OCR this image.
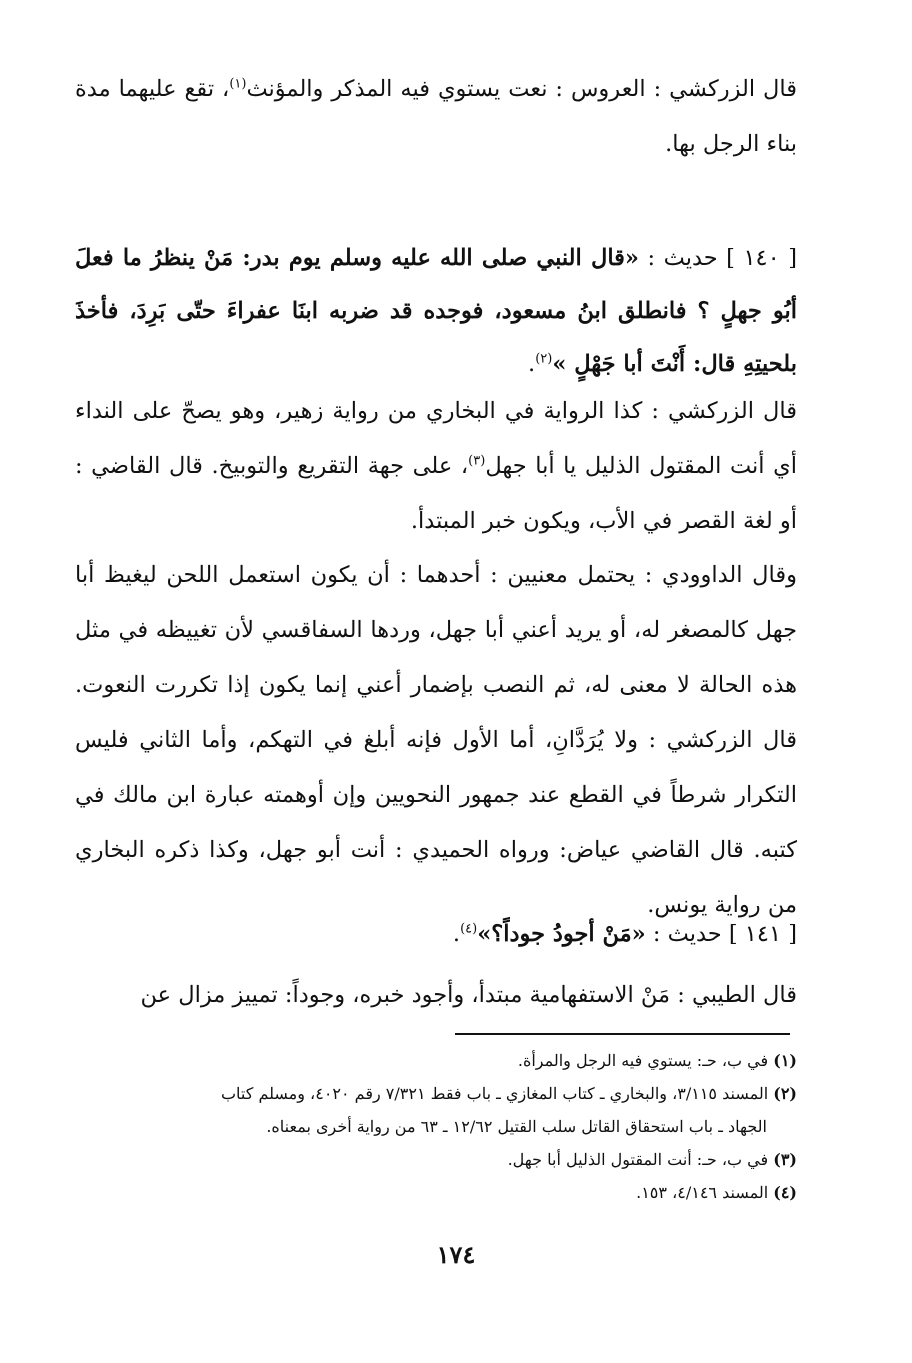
قال الزركشي : العروس : نعت يستوي فيه المذكر والمؤنث$^{(١)}$، تقع عليهما مدة بناء الرجل بها.
[ ١٤٠ ] حديث : «قال النبي صلى الله عليه وسلم يوم بدر: مَنْ ينظرُ ما فعلَ أبُو جهلٍ ؟ فانطلق ابنُ مسعود، فوجده قد ضربه ابنَا عفراءَ حتّى بَرِدَ، فأخذَ بلحيتِهِ قال: أَنْتَ أبا جَهْلٍ »$^{(٢)}$.
قال الزركشي : كذا الرواية في البخاري من رواية زهير، وهو يصحّ على النداء أي أنت المقتول الذليل يا أبا جهل$^{(٣)}$، على جهة التقريع والتوبيخ. قال القاضي : أو لغة القصر في الأب، ويكون خبر المبتدأ.
وقال الداوودي : يحتمل معنيين : أحدهما : أن يكون استعمل اللحن ليغيظ أبا جهل كالمصغر له، أو يريد أعني أبا جهل، وردها السفاقسي لأن تغييظه في مثل هذه الحالة لا معنى له، ثم النصب بإضمار أعني إنما يكون إذا تكررت النعوت. قال الزركشي : ولا يُرَدَّانِ، أما الأول فإنه أبلغ في التهكم، وأما الثاني فليس التكرار شرطاً في القطع عند جمهور النحويين وإن أوهمته عبارة ابن مالك في كتبه. قال القاضي عياض: ورواه الحميدي : أنت أبو جهل، وكذا ذكره البخاري من رواية يونس.
[ ١٤١ ] حديث : «مَنْ أجودُ جوداً؟»$^{(٤)}$.
قال الطيبي : مَنْ الاستفهامية مبتدأ، وأجود خبره، وجوداً: تمييز مزال عن
(١) في ب، حـ: يستوي فيه الرجل والمرأة.
(٢) المسند ٣/١١٥، والبخاري ـ كتاب المغازي ـ باب فقط ٧/٣٢١ رقم ٤٠٢٠، ومسلم كتاب
الجهاد ـ باب استحقاق القاتل سلب القتيل ١٢/٦٢ ـ ٦٣ من رواية أخرى بمعناه.
(٣) في ب، حـ: أنت المقتول الذليل أبا جهل.
(٤) المسند ٤/١٤٦، ١٥٣.
١٧٤
